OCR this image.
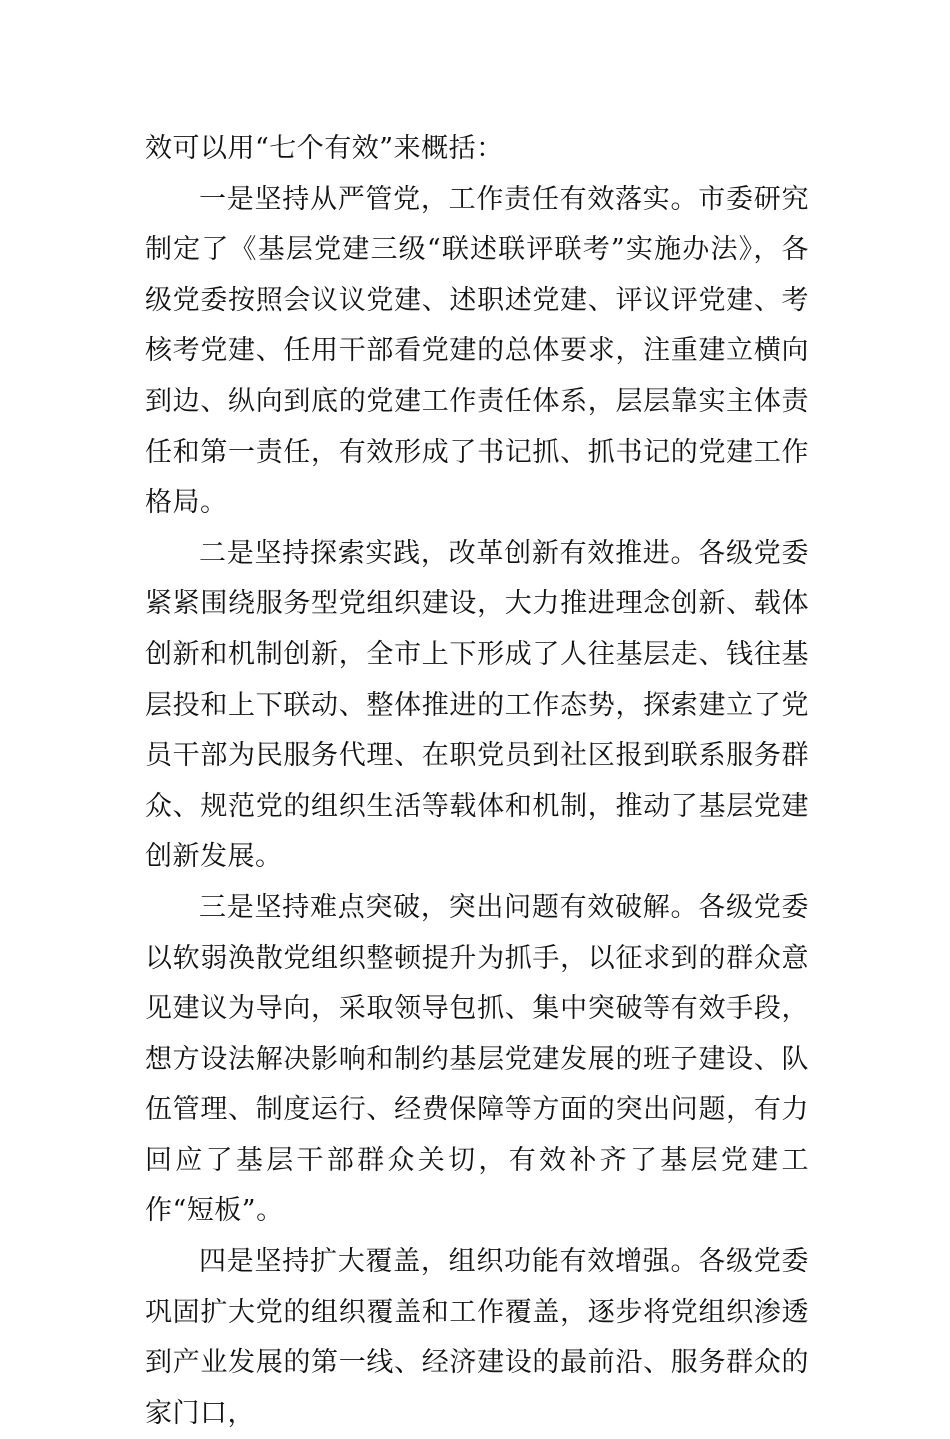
效可以用“七个有效”来概括：

一是坚持从严管党，工作责任有效落实。市委研究制定了《基层党建三级“联述联评联考”实施办法》，各级党委按照会议议党建、述职述党建、评议评党建、考核考党建、任用干部看党建的总体要求，注重建立横向到边、纵向到底的党建工作责任体系，层层靠实主体责任和第一责任，有效形成了书记抓、抓书记的党建工作格局。

二是坚持探索实践，改革创新有效推进。各级党委紧紧围绕服务型党组织建设，大力推进理念创新、载体创新和机制创新，全市上下形成了人往基层走、钱往基层投和上下联动、整体推进的工作态势，探索建立了党员干部为民服务代理、在职党员到社区报到联系服务群众、规范党的组织生活等载体和机制，推动了基层党建创新发展。

三是坚持难点突破，突出问题有效破解。各级党委以软弱涣散党组织整顿提升为抓手，以征求到的群众意见建议为导向，采取领导包抓、集中突破等有效手段，想方设法解决影响和制约基层党建发展的班子建设、队伍管理、制度运行、经费保障等方面的突出问题，有力回应了基层干部群众关切，有效补齐了基层党建工作“短板”。

四是坚持扩大覆盖，组织功能有效增强。各级党委巩固扩大党的组织覆盖和工作覆盖，逐步将党组织渗透到产业发展的第一线、经济建设的最前沿、服务群众的家门口，
